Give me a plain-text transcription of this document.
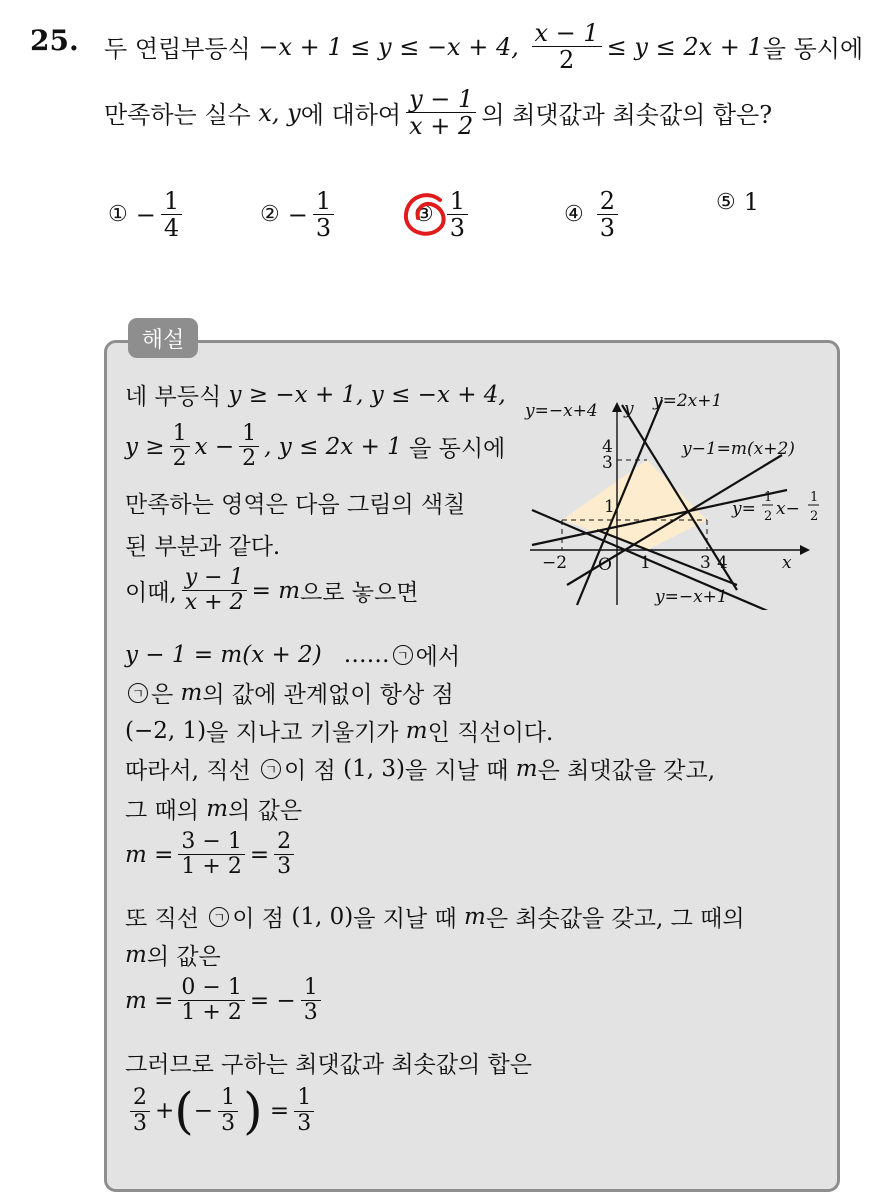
25. 두 연립부등식
−x + 1 ≤ y ≤ −x + 4,
$\frac{x - 1}{2} \le y \le 2x + 1$ 을 동시에
만족하는 실수
x, y 에 대하여 $\frac{y - 1}{x + 2}$ 의 최댓값과 최솟값의 합은?
① − $\frac{1}{4}$	② − $\frac{1}{3}$	③ $\frac{1}{3}$	④ $\frac{2}{3}$	⑤ 1
해설
네 부등식
y ≥ −x + 1, y ≤ −x + 4,
$y \ge \frac{1}{2}$ $x - \frac{1}{2}$ , y ≤ 2x + 1
을 동시에
만족하는 영역은 다음 그림의 색칠
된 부분과 같다.
이때, $\frac{y - 1}{x + 2} = m$ 으로 놓으면
y − 1 = m(x + 2)
…… ㄱ 에서
ㄱ 은
m 의 값에 관계없이 항상 점
(−2, 1) 을 지나고 기울기가
m 인 직선이다.
따라서, 직선
ㄱ 이 점
(1, 3) 을 지날 때
m 은 최댓값을 갖고,
그 때의
m 의 값은
$m = \frac{3 - 1}{1 + 2} = \frac{2}{3}$
또 직선
ㄱ 이 점
(1, 0) 을 지날 때
m 은 최솟값을 갖고, 그 때의
m 의 값은
$m = \frac{0 - 1}{1 + 2}$ = − $\frac{1}{3}$
그러므로 구하는 최댓값과 최솟값의 합은
$\frac{2}{3}$ + ( − $\frac{1}{3}$ )
= $\frac{1}{3}$
y=−x+4	y=2x+1
y−1=m(x+2)
y=
1
2 x−
1
2
y=−x+1
x
y
O
−2	1	3 4
4
3
1
